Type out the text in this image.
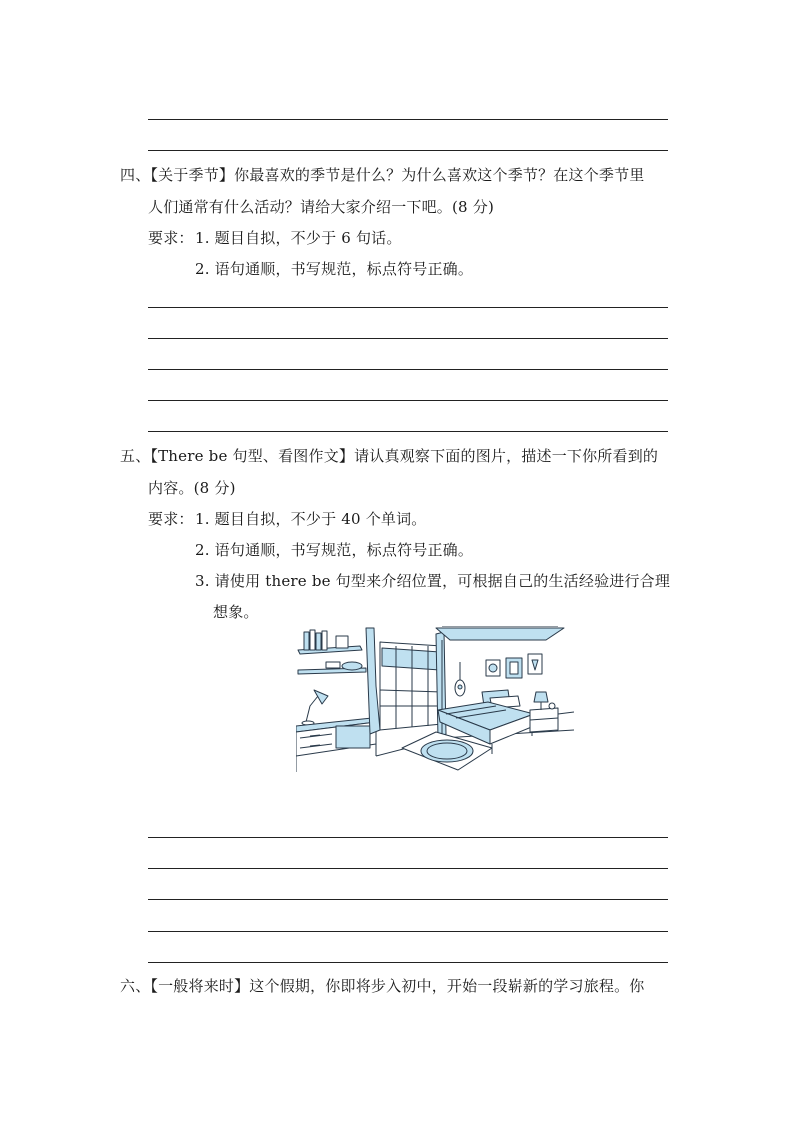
四、【关于季节】你最喜欢的季节是什么？为什么喜欢这个季节？在这个季节里
人们通常有什么活动？请给大家介绍一下吧。(8 分)
要求： 1. 题目自拟，不少于 6 句话。
2. 语句通顺，书写规范，标点符号正确。
五、【There be 句型、看图作文】请认真观察下面的图片，描述一下你所看到的
内容。(8 分)
要求： 1. 题目自拟，不少于 40 个单词。
2. 语句通顺，书写规范，标点符号正确。
3. 请使用 there be 句型来介绍位置，可根据自己的生活经验进行合理
想象。
六、【一般将来时】这个假期，你即将步入初中，开始一段崭新的学习旅程。你
